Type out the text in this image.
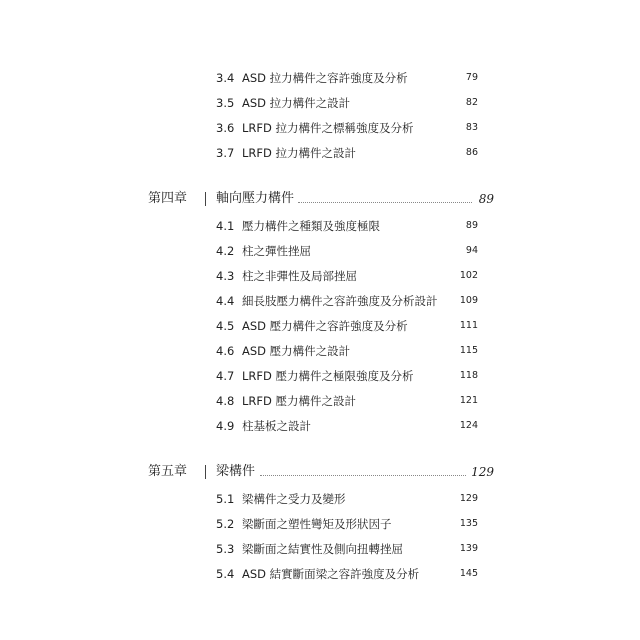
3.4 ASD 拉力構件之容許強度及分析	79
3.5 ASD 拉力構件之設計	82
3.6 LRFD 拉力構件之標稱強度及分析	83
3.7 LRFD 拉力構件之設計	86
第四章 軸向壓力構件	89
4.1 壓力構件之種類及強度極限	89
4.2 柱之彈性挫屈	94
4.3 柱之非彈性及局部挫屈	102
4.4 細長肢壓力構件之容許強度及分析設計 109
4.5 ASD 壓力構件之容許強度及分析	111
4.6 ASD 壓力構件之設計	115
4.7 LRFD 壓力構件之極限強度及分析	118
4.8 LRFD 壓力構件之設計	121
4.9 柱基板之設計	124
第五章 梁構件	129
5.1 梁構件之受力及變形	129
5.2 梁斷面之塑性彎矩及形狀因子	135
5.3 梁斷面之結實性及側向扭轉挫屈	139
5.4 ASD 結實斷面梁之容許強度及分析	145
